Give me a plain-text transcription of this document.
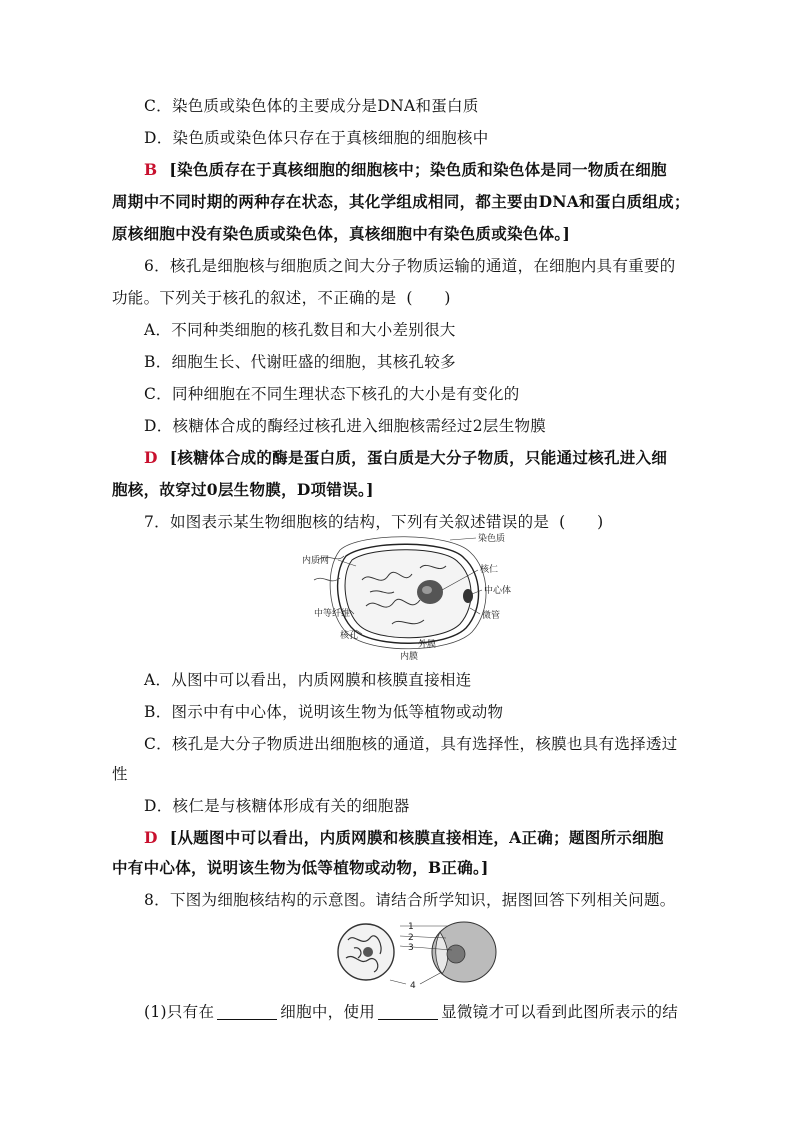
C．染色质或染色体的主要成分是DNA和蛋白质
D．染色质或染色体只存在于真核细胞的细胞核中
B [染色质存在于真核细胞的细胞核中；染色质和染色体是同一物质在细胞
周期中不同时期的两种存在状态，其化学组成相同，都主要由DNA和蛋白质组成；
原核细胞中没有染色质或染色体，真核细胞中有染色质或染色体。]
6．核孔是细胞核与细胞质之间大分子物质运输的通道，在细胞内具有重要的
功能。下列关于核孔的叙述，不正确的是 (　　)
A．不同种类细胞的核孔数目和大小差别很大
B．细胞生长、代谢旺盛的细胞，其核孔较多
C．同种细胞在不同生理状态下核孔的大小是有变化的
D．核糖体合成的酶经过核孔进入细胞核需经过2层生物膜
D [核糖体合成的酶是蛋白质，蛋白质是大分子物质，只能通过核孔进入细
胞核，故穿过0层生物膜，D项错误。]
7．如图表示某生物细胞核的结构，下列有关叙述错误的是 (　　)
内质网
染色质
核仁
中心体
微管
中等纤维
核孔
外膜
内膜
A．从图中可以看出，内质网膜和核膜直接相连
B．图示中有中心体，说明该生物为低等植物或动物
C．核孔是大分子物质进出细胞核的通道，具有选择性，核膜也具有选择透过
性
D．核仁是与核糖体形成有关的细胞器
D [从题图中可以看出，内质网膜和核膜直接相连，A正确；题图所示细胞
中有中心体，说明该生物为低等植物或动物，B正确。]
8．下图为细胞核结构的示意图。请结合所学知识，据图回答下列相关问题。
1
2
3
4
(1)只有在	细胞中，使用	显微镜才可以看到此图所表示的结
